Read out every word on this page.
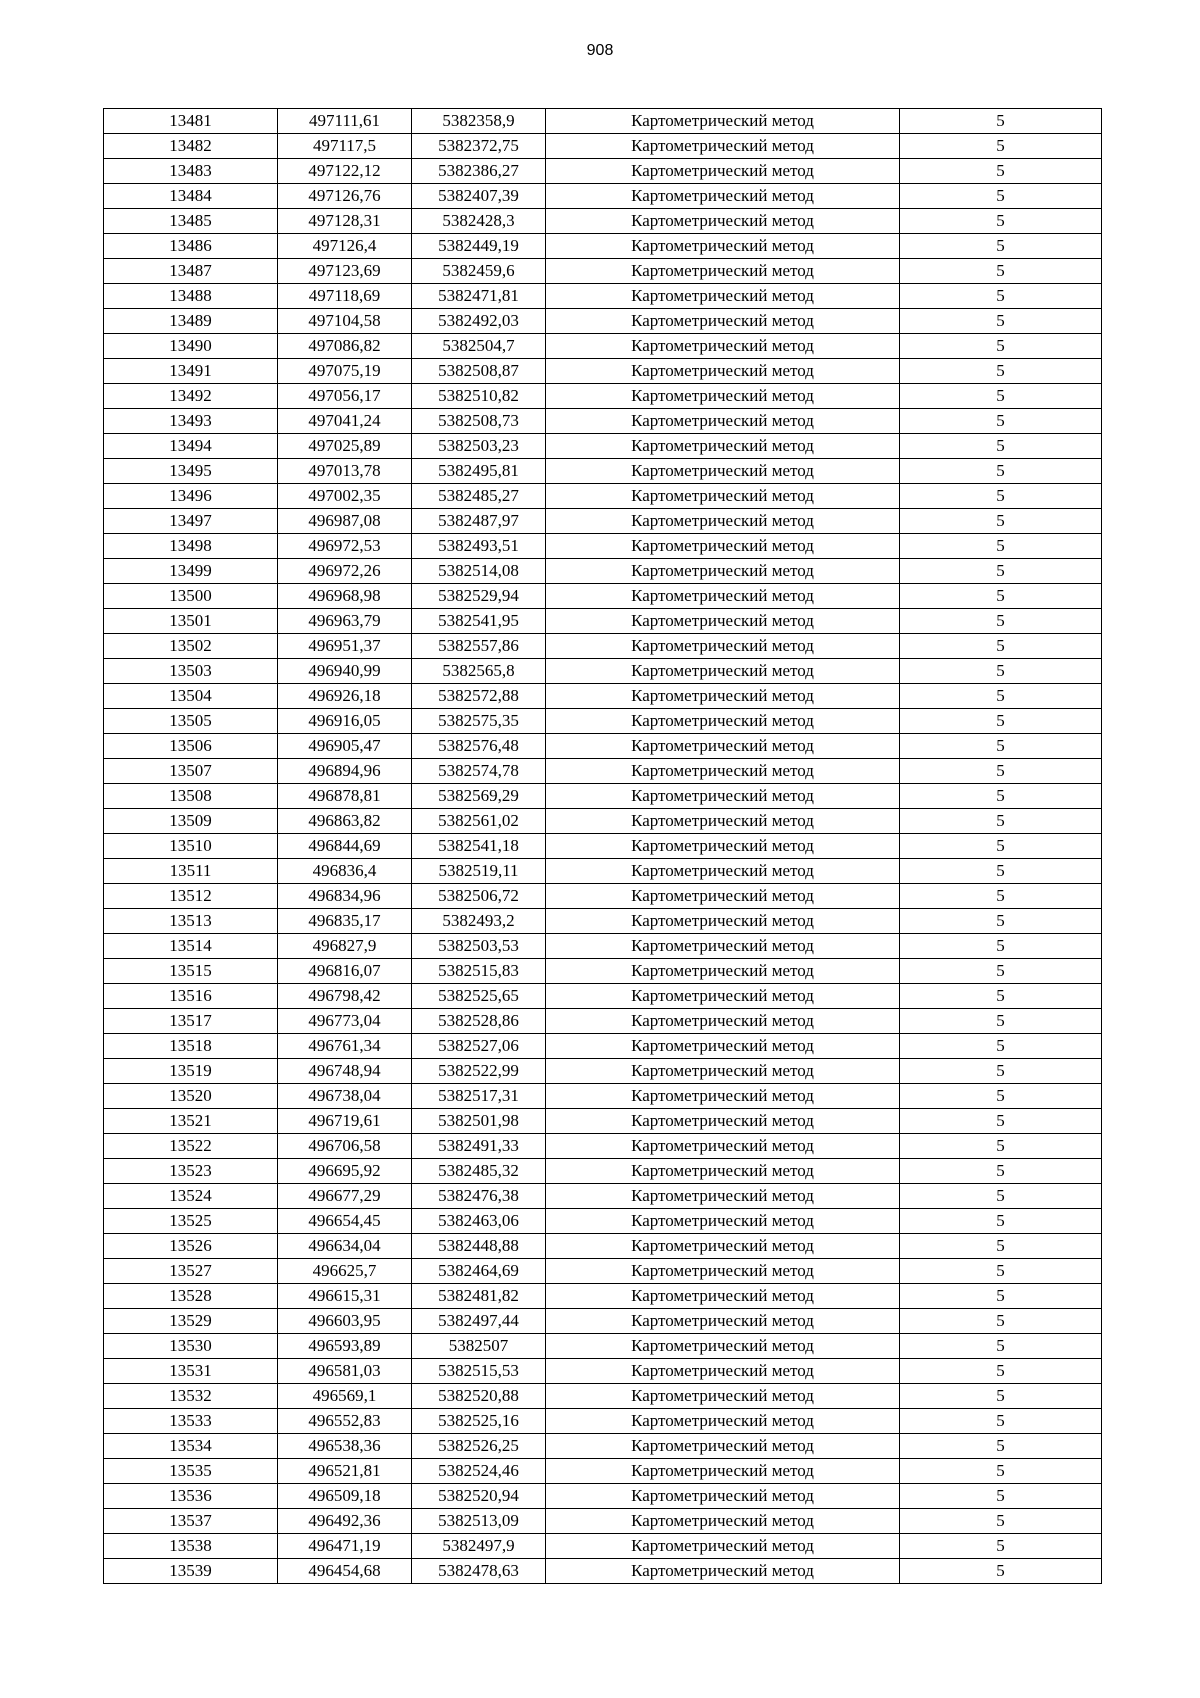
908
13481	497111,61	5382358,9	Картометрический метод	5
13482	497117,5	5382372,75	Картометрический метод	5
13483	497122,12	5382386,27	Картометрический метод	5
13484	497126,76	5382407,39	Картометрический метод	5
13485	497128,31	5382428,3	Картометрический метод	5
13486	497126,4	5382449,19	Картометрический метод	5
13487	497123,69	5382459,6	Картометрический метод	5
13488	497118,69	5382471,81	Картометрический метод	5
13489	497104,58	5382492,03	Картометрический метод	5
13490	497086,82	5382504,7	Картометрический метод	5
13491	497075,19	5382508,87	Картометрический метод	5
13492	497056,17	5382510,82	Картометрический метод	5
13493	497041,24	5382508,73	Картометрический метод	5
13494	497025,89	5382503,23	Картометрический метод	5
13495	497013,78	5382495,81	Картометрический метод	5
13496	497002,35	5382485,27	Картометрический метод	5
13497	496987,08	5382487,97	Картометрический метод	5
13498	496972,53	5382493,51	Картометрический метод	5
13499	496972,26	5382514,08	Картометрический метод	5
13500	496968,98	5382529,94	Картометрический метод	5
13501	496963,79	5382541,95	Картометрический метод	5
13502	496951,37	5382557,86	Картометрический метод	5
13503	496940,99	5382565,8	Картометрический метод	5
13504	496926,18	5382572,88	Картометрический метод	5
13505	496916,05	5382575,35	Картометрический метод	5
13506	496905,47	5382576,48	Картометрический метод	5
13507	496894,96	5382574,78	Картометрический метод	5
13508	496878,81	5382569,29	Картометрический метод	5
13509	496863,82	5382561,02	Картометрический метод	5
13510	496844,69	5382541,18	Картометрический метод	5
13511	496836,4	5382519,11	Картометрический метод	5
13512	496834,96	5382506,72	Картометрический метод	5
13513	496835,17	5382493,2	Картометрический метод	5
13514	496827,9	5382503,53	Картометрический метод	5
13515	496816,07	5382515,83	Картометрический метод	5
13516	496798,42	5382525,65	Картометрический метод	5
13517	496773,04	5382528,86	Картометрический метод	5
13518	496761,34	5382527,06	Картометрический метод	5
13519	496748,94	5382522,99	Картометрический метод	5
13520	496738,04	5382517,31	Картометрический метод	5
13521	496719,61	5382501,98	Картометрический метод	5
13522	496706,58	5382491,33	Картометрический метод	5
13523	496695,92	5382485,32	Картометрический метод	5
13524	496677,29	5382476,38	Картометрический метод	5
13525	496654,45	5382463,06	Картометрический метод	5
13526	496634,04	5382448,88	Картометрический метод	5
13527	496625,7	5382464,69	Картометрический метод	5
13528	496615,31	5382481,82	Картометрический метод	5
13529	496603,95	5382497,44	Картометрический метод	5
13530	496593,89	5382507	Картометрический метод	5
13531	496581,03	5382515,53	Картометрический метод	5
13532	496569,1	5382520,88	Картометрический метод	5
13533	496552,83	5382525,16	Картометрический метод	5
13534	496538,36	5382526,25	Картометрический метод	5
13535	496521,81	5382524,46	Картометрический метод	5
13536	496509,18	5382520,94	Картометрический метод	5
13537	496492,36	5382513,09	Картометрический метод	5
13538	496471,19	5382497,9	Картометрический метод	5
13539	496454,68	5382478,63	Картометрический метод	5
